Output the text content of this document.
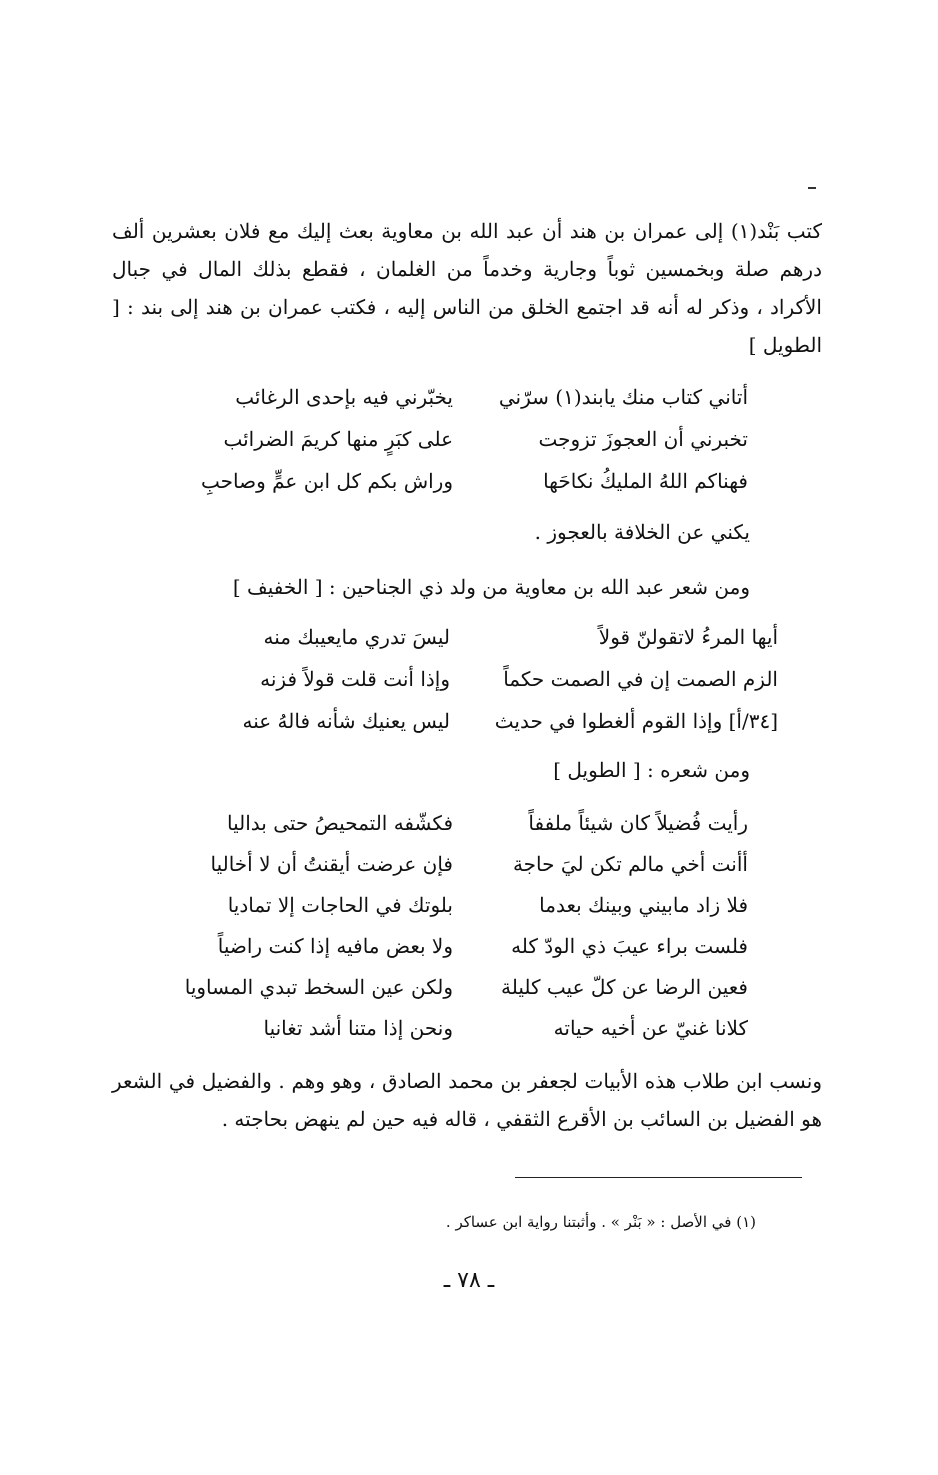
كتب بَنْد(١) إلى عمران بن هند أن عبد الله بن معاوية بعث إليك مع فلان بعشرين ألف درهم صلة وبخمسين ثوباً وجارية وخدماً من الغلمان ، فقطع بذلك المال في جبال الأكراد ، وذكر له أنه قد اجتمع الخلق من الناس إليه ، فكتب عمران بن هند إلى بند : [ الطويل ]

أتاني كتاب منك يابند(١) سرّني
يخبّرني فيه بإحدى الرغائب
تخبرني أن العجوزَ تزوجت
على كبَرٍ منها كريمَ الضرائب
فهناكم اللهُ المليكُ نكاحَها
وراش بكم كل ابن عمٍّ وصاحبِ
يكني عن الخلافة بالعجوز .
ومن شعر عبد الله بن معاوية من ولد ذي الجناحين : [ الخفيف ]
أيها المرءُ لاتقولنّ قولاً
ليسَ تدري مايعيبك منه
الزم الصمت إن في الصمت حكماً
وإذا أنت قلت قولاً فزنه
[٣٤/أ] وإذا القوم ألغطوا في حديث
ليس يعنيك شأنه فالهُ عنه
ومن شعره : [ الطويل ]
رأيت فُضيلاً كان شيئاً ملففاً
فكشّفه التمحيصُ حتى بداليا
أأنت أخي مالم تكن ليَ حاجة
فإن عرضت أيقنتُ أن لا أخاليا
فلا زاد مابيني وبينك بعدما
بلوتك في الحاجات إلا تماديا
فلست براء عيبَ ذي الودّ كله
ولا بعض مافيه إذا كنت راضياً
فعين الرضا عن كلّ عيب كليلة
ولكن عين السخط تبدي المساويا
كلانا غنيّ عن أخيه حياته
ونحن إذا متنا أشد تغانيا

ونسب ابن طلاب هذه الأبيات لجعفر بن محمد الصادق ، وهو وهم . والفضيل في الشعر هو الفضيل بن السائب بن الأقرع الثقفي ، قاله فيه حين لم ينهض بحاجته .

(١) في الأصل : « بَنْر » . وأثبتنا رواية ابن عساكر .
ـ ٧٨ ـ
